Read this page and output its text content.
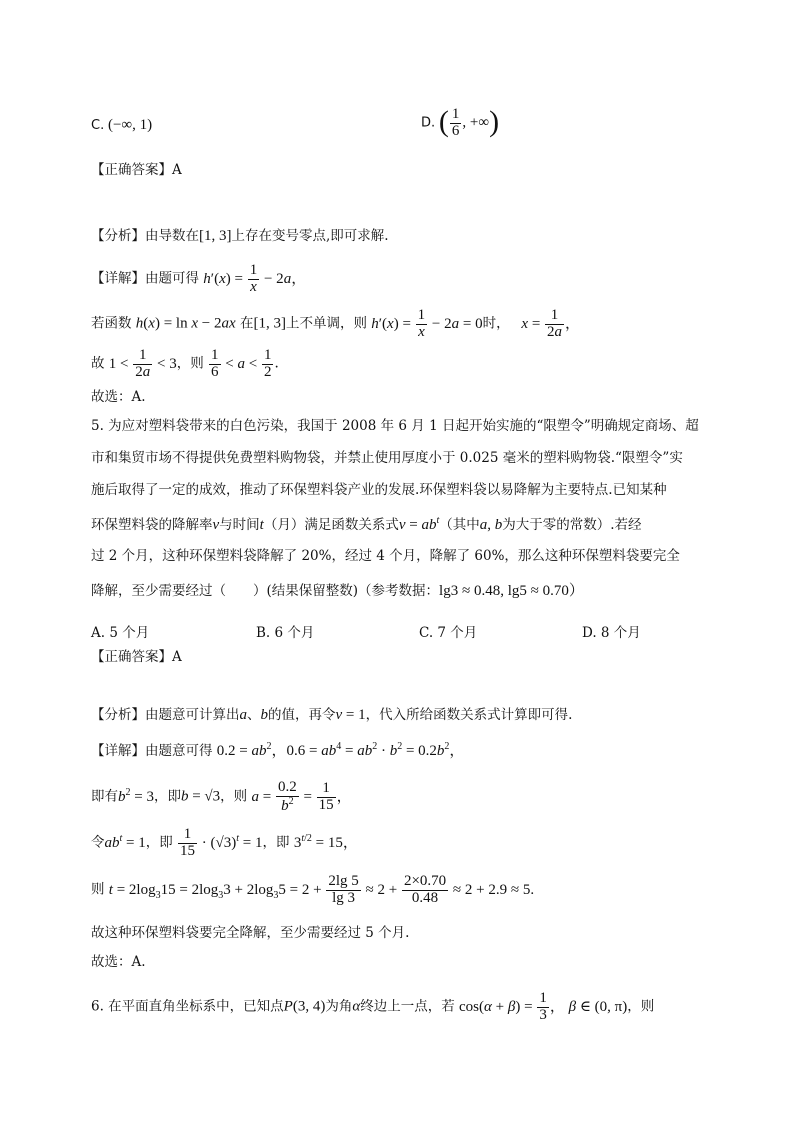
C. (−∞, 1)	D. ( $\frac{1}{6}$ , +∞)
【正确答案】A
【分析】由导数在[1, 3]上存在变号零点,即可求解.
【详解】由题可得 $h'(x) = \frac{1}{x} - 2a$，
若函数 h(x) = ln x − 2ax 在[1, 3]上不单调，则 $h'(x) = \frac{1}{x} - 2a = 0$时， $x = \frac{1}{2a}$ ，
故 $1 < \frac{1}{2a} < 3$，则 $\frac{1}{6} < a < \frac{1}{2}$ .
故选：A.
5. 为应对塑料袋带来的白色污染，我国于 2008 年 6 月 1 日起开始实施的“限塑令”明确规定商场、超
市和集贸市场不得提供免费塑料购物袋，并禁止使用厚度小于 0.025 毫米的塑料购物袋.“限塑令”实
施后取得了一定的成效，推动了环保塑料袋产业的发展.环保塑料袋以易降解为主要特点.已知某种
环保塑料袋的降解率v与时间t（月）满足函数关系式$v = ab^t$（其中a, b为大于零的常数）.若经
过 2 个月，这种环保塑料袋降解了 20%，经过 4 个月，降解了 60%，那么这种环保塑料袋要完全
降解，至少需要经过（　　）(结果保留整数)（参考数据：lg3 ≈ 0.48, lg5 ≈ 0.70）
A. 5 个月	B. 6 个月	C. 7 个月	D. 8 个月
【正确答案】A
【分析】由题意可计算出a、b的值，再令v = 1，代入所给函数关系式计算即可得.
【详解】由题意可得 $0.2 = ab^2$，$0.6 = ab^4 = ab^2 \cdot b^2 = 0.2b^2$，
即有$b^2 = 3$，即b = √3，则 $a = \frac{0.2}{b^2} = \frac{1}{15}$ ，
令$ab^t = 1$，即 $\frac{1}{15} \cdot (√3)^t = 1$，即 $3^{t/2} = 15$，
则 $t = 2\log_315 = 2\log_33 + 2\log_35 = 2 + \frac{2\lg 5}{\lg 3} \approx 2 + \frac{2\times 0.70}{0.48} \approx 2 + 2.9 \approx 5$.
故这种环保塑料袋要完全降解，至少需要经过 5 个月.
故选：A.
6. 在平面直角坐标系中，已知点P(3, 4)为角α终边上一点，若 $\cos(\alpha + \beta) = \frac{1}{3}$ ， β ∈ (0, π)，则
